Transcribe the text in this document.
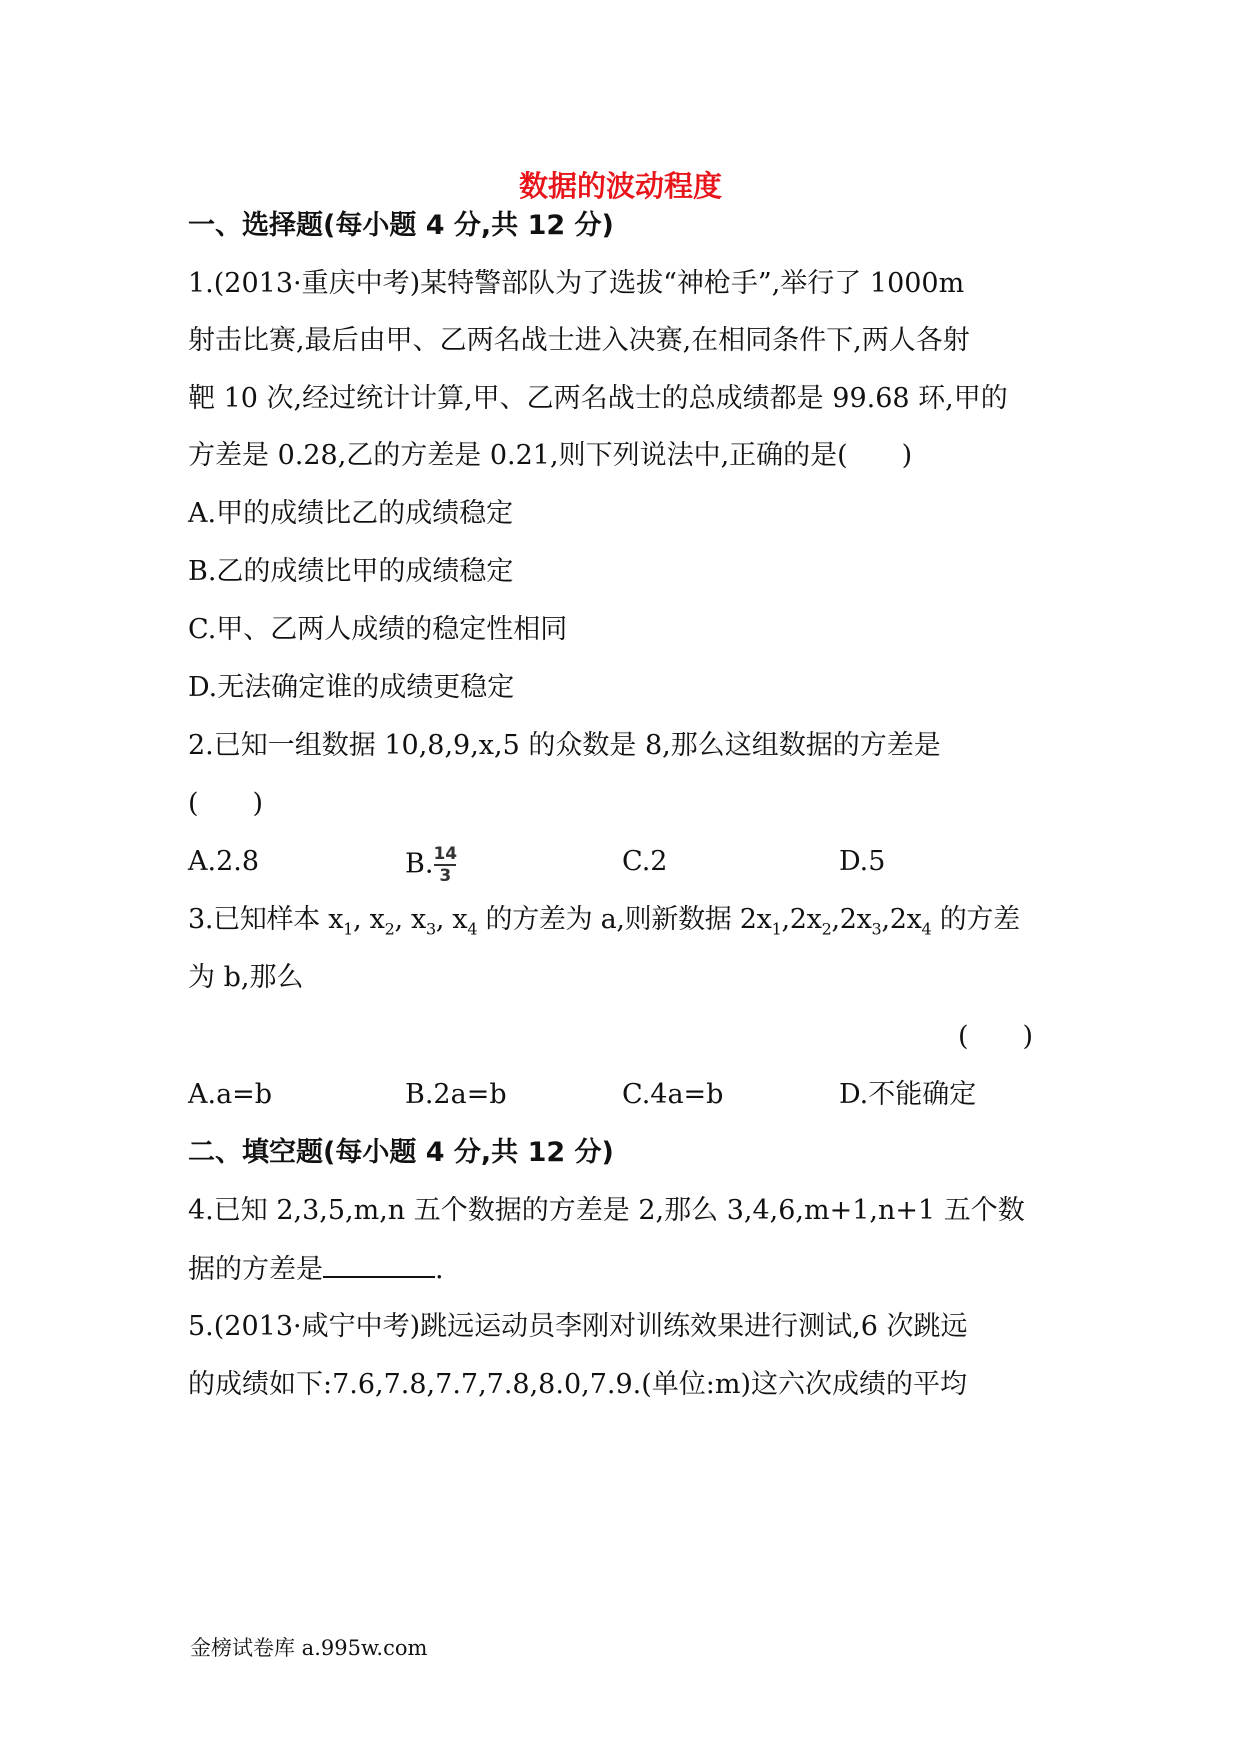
数据的波动程度
一、选择题(每小题 4 分,共 12 分)
1.(2013·重庆中考)某特警部队为了选拔“神枪手”,举行了 1000m
射击比赛,最后由甲、乙两名战士进入决赛,在相同条件下,两人各射
靶 10 次,经过统计计算,甲、乙两名战士的总成绩都是 99.68 环,甲的
方差是 0.28,乙的方差是 0.21,则下列说法中,正确的是(　　)
A.甲的成绩比乙的成绩稳定
B.乙的成绩比甲的成绩稳定
C.甲、乙两人成绩的稳定性相同
D.无法确定谁的成绩更稳定
2.已知一组数据 10,8,9,x,5 的众数是 8,那么这组数据的方差是
(　　)
A.2.8	B. $\frac{14}{3}$	C.2	D.5
3.已知样本 $x_1$, $x_2$, $x_3$, $x_4$ 的方差为 a,则新数据 $2x_1,2x_2,2x_3,2x_4$ 的方差
为 b,那么
(　　)
A.a=b	B.2a=b	C.4a=b	D.不能确定
二、填空题(每小题 4 分,共 12 分)
4.已知 2,3,5,m,n 五个数据的方差是 2,那么 3,4,6,m+1,n+1 五个数
据的方差是	.
5.(2013·咸宁中考)跳远运动员李刚对训练效果进行测试,6 次跳远
的成绩如下:7.6,7.8,7.7,7.8,8.0,7.9.(单位:m)这六次成绩的平均
金榜试卷库 a.995w.com
